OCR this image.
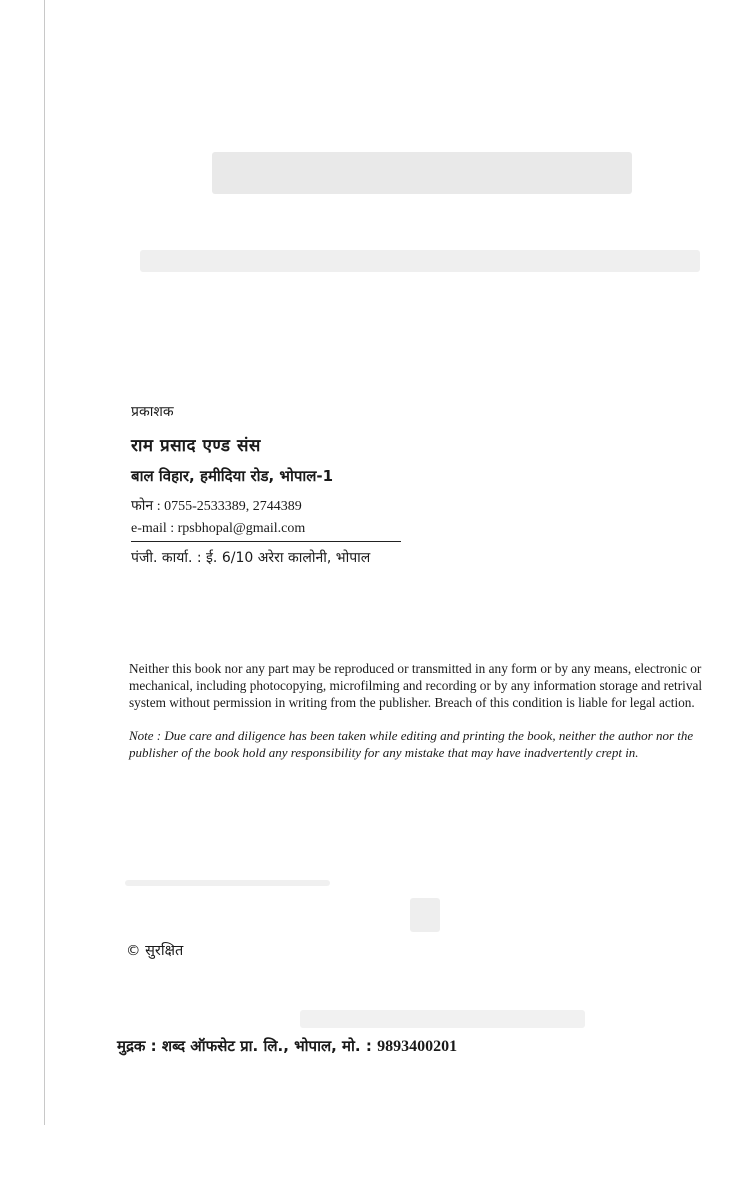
प्रकाशक
राम प्रसाद एण्ड संस
बाल विहार, हमीदिया रोड, भोपाल-1
फोन : 0755-2533389, 2744389
e-mail : rpsbhopal@gmail.com
पंजी. कार्या. : ई. 6/10 अरेरा कालोनी, भोपाल

Neither this book nor any part may be reproduced or transmitted in any form or by any means, electronic or mechanical, including photocopying, microfilming and recording or by any information storage and retrival system without permission in writing from the publisher. Breach of this condition is liable for legal action.

Note : Due care and diligence has been taken while editing and printing the book, neither the author nor the publisher of the book hold any responsibility for any mistake that may have inadvertently crept in.

© सुरक्षित
मुद्रक : शब्द ऑफसेट प्रा. लि., भोपाल, मो. : 9893400201
